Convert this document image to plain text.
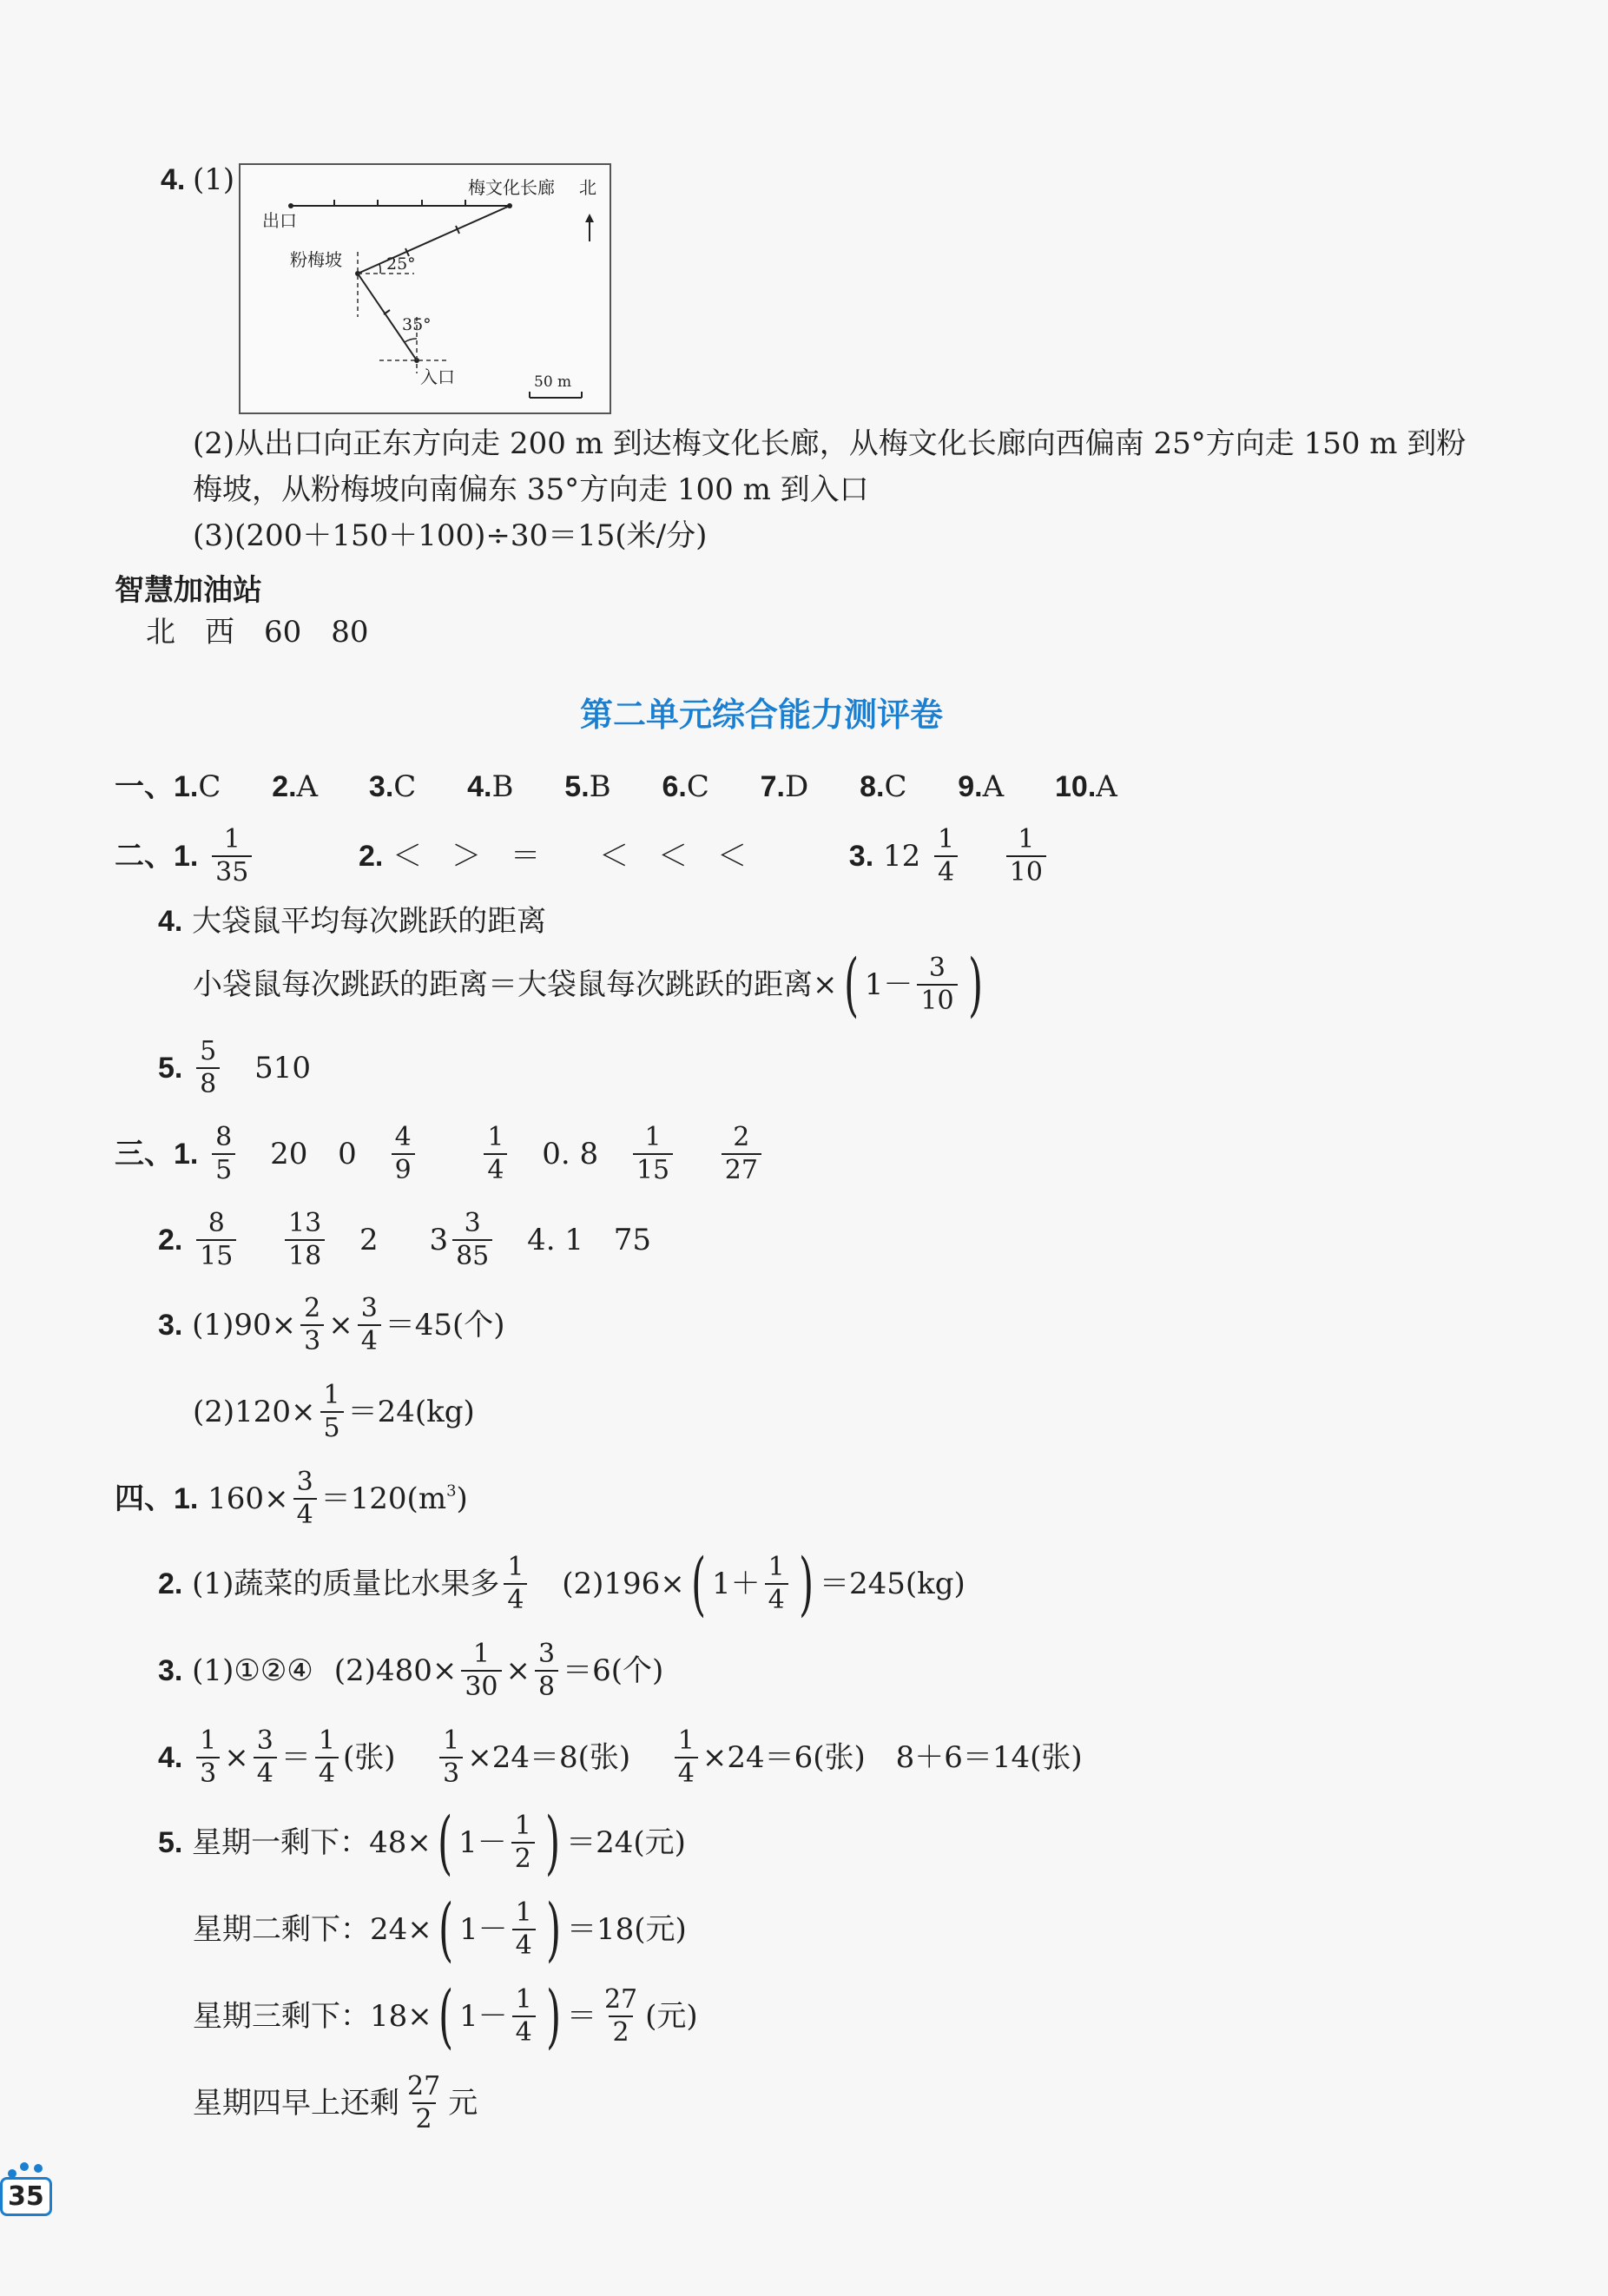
4. (1)
出口
梅文化长廊 北
粉梅坡	25°
35°
入口	50 m
(2)从出口向正东方向走 200 m 到达梅文化长廊，从梅文化长廊向西偏南 25°方向走 150 m 到粉
梅坡，从粉梅坡向南偏东 35°方向走 100 m 到入口
(3)(200＋150＋100)÷30＝15(米/分)
智慧加油站
北　西　60　80
第二单元综合能力测评卷
一、1.C 2.A 3.C 4.B 5.B 6.C 7.D 8.C 9.A 10.A
二、1. $\frac{1}{35}$	2. ＜　＞　＝　　＜　＜　＜	3. $12 \frac{1}{4}$
$\frac{1}{10}$
4. 大袋鼠平均每次跳跃的距离
小袋鼠每次跳跃的距离＝大袋鼠每次跳跃的距离×( $1- \frac{3}{10}$ )
5. $\frac{5}{8} 510$
三、1. $\frac{8}{5} 20$ $0 \frac{4}{9}$
	$\frac{1}{4} 0$. $8 \frac{1}{15}$
$\frac{2}{27}$
2. $\frac{8}{15}$
$\frac{13}{18} 2$ $3 \frac{3}{85} 4$. 1 75
3. $(1)90\times \frac{2}{3} \times \frac{3}{4} =45$(个)
$(2)120\times \frac{1}{5} =24(kg)$
四、1. $160\times \frac{3}{4} =120(m^3)$
2. (1)蔬菜的质量比水果多 $\frac{1}{4} (2)196\times$( $1+ \frac{1}{4}$ ) ＝245(kg)
3. (1)①②④ $(2)480\times \frac{1}{30} \times \frac{3}{8} =6$(个)
4. $\frac{1}{3} \times \frac{3}{4} = \frac{1}{4}$ (张) $\frac{1}{3} \times 24=8$(张) $\frac{1}{4} \times 24=6$(张) 8＋6＝14(张)
5. 星期一剩下：48×( $1- \frac{1}{2}$ ) ＝24(元)
星期二剩下：24×( $1- \frac{1}{4}$ ) ＝18(元)
星期三剩下：18×( $1- \frac{1}{4}$ ) ＝ $\frac{27}{2}$ (元)
星期四早上还剩 $\frac{27}{2}$ 元
35
